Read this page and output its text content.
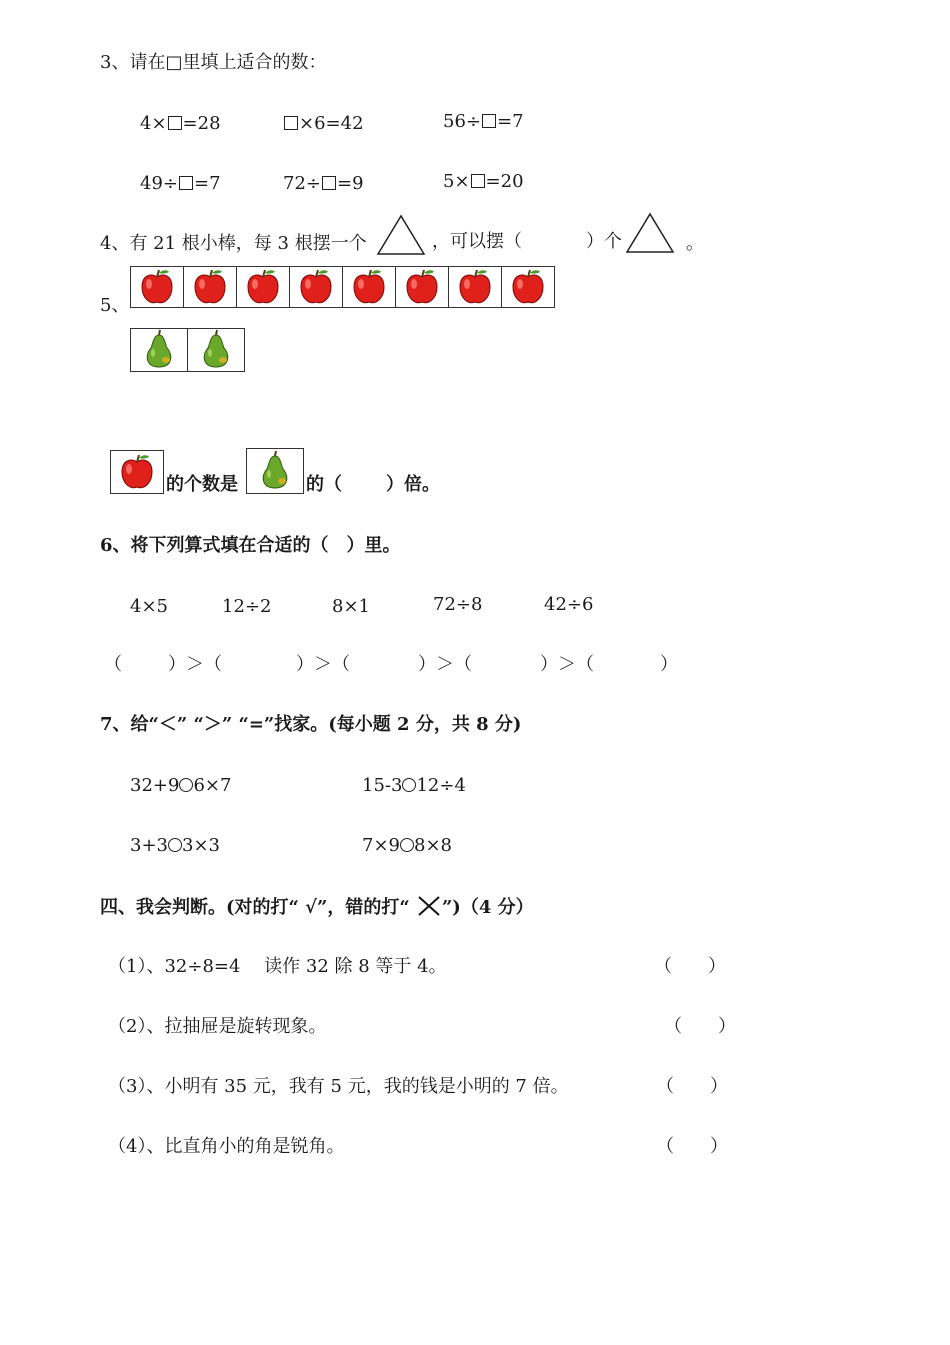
3、请在□里填上适合的数：
4× =28	×6=42	56÷ =7
49÷ =7	72÷ =9	5× =20
4、有 21 根小棒，每 3 根摆一个	，可以摆（	）个	。
5、
的个数是	的（ ）倍。
6、将下列算式填在合适的（　）里。
4×5	12÷2	8×1	72÷8	42÷6
（	）＞（	）＞（	）＞（	）＞（	）
7、给“＜” “＞” “=”找家。(每小题 2 分，共 8 分)
32+9 6×7	15-3 12÷4
3+3 3×3	7×9 8×8
四、我会判断。(对的打“ √”，错的打“ ”)（4 分）
（1）、32÷8=4　 读作 32 除 8 等于 4。	（　　）
（2）、拉抽屉是旋转现象。	（　　）
（3）、小明有 35 元，我有 5 元，我的钱是小明的 7 倍。	（　　）
（4）、比直角小的角是锐角。	（　　）
